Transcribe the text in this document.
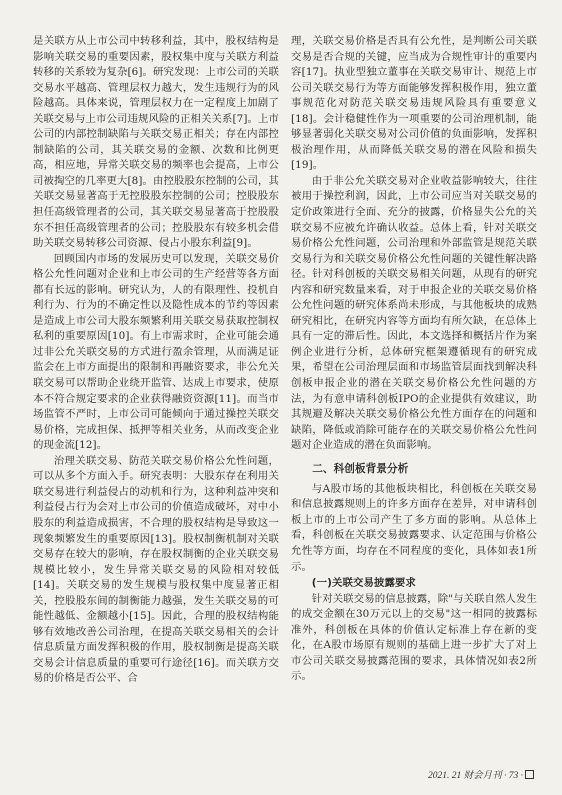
是关联方从上市公司中转移利益，其中，股权结构是影响关联交易的重要因素，股权集中度与关联方利益转移的关系较为复杂[6]。研究发现：上市公司的关联交易水平越高、管理层权力越大，发生违规行为的风险越高。具体来说，管理层权力在一定程度上加剧了关联交易与上市公司违规风险的正相关关系[7]。上市公司的内部控制缺陷与关联交易正相关；存在内部控制缺陷的公司，其关联交易的金额、次数和比例更高，相应地，异常关联交易的频率也会提高，上市公司被掏空的几率更大[8]。由控股股东控制的公司，其关联交易显著高于无控股股东控制的公司；控股股东担任高级管理者的公司，其关联交易显著高于控股股东不担任高级管理者的公司；控股股东有较多机会借助关联交易转移公司资源、侵占小股东利益[9]。

回顾国内市场的发展历史可以发现，关联交易价格公允性问题对企业和上市公司的生产经营等各方面都有长远的影响。研究认为，人的有限理性、投机自利行为、行为的不确定性以及隐性成本的节约等因素是造成上市公司大股东频繁利用关联交易获取控制权私利的重要原因[10]。有上市需求时，企业可能会通过非公允关联交易的方式进行盈余管理，从而满足证监会在上市方面提出的限制和再融资要求，非公允关联交易可以帮助企业绕开监管、达成上市要求，使原本不符合规定要求的企业获得融资资源[11]。而当市场监管不严时，上市公司可能倾向于通过操控关联交易价格，完成担保、抵押等相关业务，从而改变企业的现金流[12]。

治理关联交易、防范关联交易价格公允性问题，可以从多个方面入手。研究表明：大股东存在利用关联交易进行利益侵占的动机和行为，这种利益冲突和利益侵占行为会对上市公司的价值造成破坏，对中小股东的利益造成损害，不合理的股权结构是导致这一现象频繁发生的重要原因[13]。股权制衡机制对关联交易存在较大的影响，存在股权制衡的企业关联交易规模比较小，发生异常关联交易的风险相对较低[14]。关联交易的发生规模与股权集中度显著正相关，控股股东间的制衡能力越强，发生关联交易的可能性越低、金额越小[15]。因此，合理的股权结构能够有效地改善公司治理，在提高关联交易相关的会计信息质量方面发挥积极的作用，股权制衡是提高关联交易会计信息质量的重要可行途径[16]。而关联方交易的价格是否公平、合

理，关联交易价格是否具有公允性，是判断公司关联交易是否合规的关键，应当成为合规性审计的重要内容[17]。执业型独立董事在关联交易审计、规范上市公司关联交易行为等方面能够发挥积极作用，独立董事规范化对防范关联交易违规风险具有重要意义[18]。会计稳健性作为一项重要的公司治理机制，能够显著弱化关联交易对公司价值的负面影响，发挥积极治理作用，从而降低关联交易的潜在风险和损失[19]。

由于非公允关联交易对企业收益影响较大，往往被用于操控利润，因此，上市公司应当对关联交易的定价政策进行全面、充分的披露，价格显失公允的关联交易不应被允许确认收益。总体上看，针对关联交易价格公允性问题，公司治理和外部监管是规范关联交易行为和关联交易价格公允性问题的关键性解决路径。针对科创板的关联交易相关问题，从现有的研究内容和研究数量来看，对于申报企业的关联交易价格公允性问题的研究体系尚未形成，与其他板块的成熟研究相比，在研究内容等方面均有所欠缺，在总体上具有一定的滞后性。因此，本文选择和概括片作为案例企业进行分析，总体研究框架遵循现有的研究成果，希望在公司治理层面和市场监管层面找到解决科创板申报企业的潜在关联交易价格公允性问题的方法，为有意申请科创板IPO的企业提供有效建议，助其规避及解决关联交易价格公允性方面存在的问题和缺陷，降低或消除可能存在的关联交易价格公允性问题对企业造成的潜在负面影响。

二、科创板背景分析

与A股市场的其他板块相比，科创板在关联交易和信息披露规则上的许多方面存在差异，对申请科创板上市的上市公司产生了多方面的影响。从总体上看，科创板在关联交易披露要求、认定范围与价格公允性等方面，均存在不同程度的变化，具体如表1所示。

(一)关联交易披露要求

针对关联交易的信息披露，除"与关联自然人发生的成交金额在30万元以上的交易"这一相同的披露标准外，科创板在具体的价值认定标准上存在新的变化，在A股市场原有规则的基础上进一步扩大了对上市公司关联交易披露范围的要求，具体情况如表2所示。

2021. 21 财会月刊 · 73 ·
